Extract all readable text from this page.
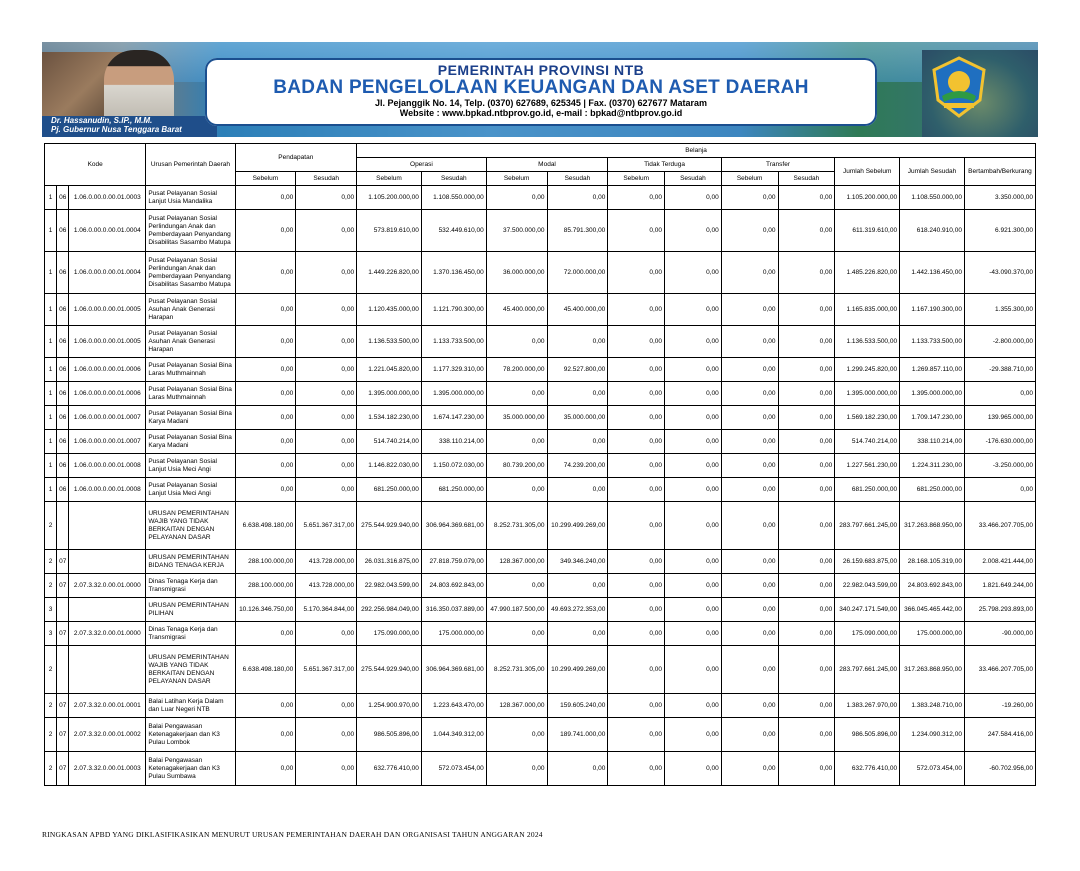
Dr. Hassanudin, S.IP., M.M.
Pj. Gubernur Nusa Tenggara Barat
PEMERINTAH PROVINSI NTB
BADAN PENGELOLAAN KEUANGAN DAN ASET DAERAH
Jl. Pejanggik No. 14, Telp. (0370) 627689, 625345 | Fax. (0370) 627677 Mataram
Website : www.bpkad.ntbprov.go.id, e-mail : bpkad@ntbprov.go.id
Kode			Urusan Pemerintah Daerah	Pendapatan		Belanja										
						Operasi		Modal		Tidak Terduga		Transfer		Jumlah Sebelum	Jumlah Sesudah	Bertambah/Berkurang
				Sebelum	Sesudah	Sebelum	Sesudah	Sebelum	Sesudah	Sebelum	Sesudah	Sebelum	Sesudah			
1	06	1.06.0.00.0.00.01.0003	Pusat Pelayanan Sosial Lanjut Usia Mandalika	0,00	0,00	1.105.200.000,00	1.108.550.000,00	0,00	0,00	0,00	0,00	0,00	0,00	1.105.200.000,00	1.108.550.000,00	3.350.000,00
1	06	1.06.0.00.0.00.01.0004	Pusat Pelayanan Sosial Perlindungan Anak dan Pemberdayaan Penyandang Disabilitas Sasambo Matupa	0,00	0,00	573.819.610,00	532.449.610,00	37.500.000,00	85.791.300,00	0,00	0,00	0,00	0,00	611.319.610,00	618.240.910,00	6.921.300,00
1	06	1.06.0.00.0.00.01.0004	Pusat Pelayanan Sosial Perlindungan Anak dan Pemberdayaan Penyandang Disabilitas Sasambo Matupa	0,00	0,00	1.449.226.820,00	1.370.136.450,00	36.000.000,00	72.000.000,00	0,00	0,00	0,00	0,00	1.485.226.820,00	1.442.136.450,00	-43.090.370,00
1	06	1.06.0.00.0.00.01.0005	Pusat Pelayanan Sosial Asuhan Anak Generasi Harapan	0,00	0,00	1.120.435.000,00	1.121.790.300,00	45.400.000,00	45.400.000,00	0,00	0,00	0,00	0,00	1.165.835.000,00	1.167.190.300,00	1.355.300,00
1	06	1.06.0.00.0.00.01.0005	Pusat Pelayanan Sosial Asuhan Anak Generasi Harapan	0,00	0,00	1.136.533.500,00	1.133.733.500,00	0,00	0,00	0,00	0,00	0,00	0,00	1.136.533.500,00	1.133.733.500,00	-2.800.000,00
1	06	1.06.0.00.0.00.01.0006	Pusat Pelayanan Sosial Bina Laras Muthmainnah	0,00	0,00	1.221.045.820,00	1.177.329.310,00	78.200.000,00	92.527.800,00	0,00	0,00	0,00	0,00	1.299.245.820,00	1.269.857.110,00	-29.388.710,00
1	06	1.06.0.00.0.00.01.0006	Pusat Pelayanan Sosial Bina Laras Muthmainnah	0,00	0,00	1.395.000.000,00	1.395.000.000,00	0,00	0,00	0,00	0,00	0,00	0,00	1.395.000.000,00	1.395.000.000,00	0,00
1	06	1.06.0.00.0.00.01.0007	Pusat Pelayanan Sosial Bina Karya Madani	0,00	0,00	1.534.182.230,00	1.674.147.230,00	35.000.000,00	35.000.000,00	0,00	0,00	0,00	0,00	1.569.182.230,00	1.709.147.230,00	139.965.000,00
1	06	1.06.0.00.0.00.01.0007	Pusat Pelayanan Sosial Bina Karya Madani	0,00	0,00	514.740.214,00	338.110.214,00	0,00	0,00	0,00	0,00	0,00	0,00	514.740.214,00	338.110.214,00	-176.630.000,00
1	06	1.06.0.00.0.00.01.0008	Pusat Pelayanan Sosial Lanjut Usia Meci Angi	0,00	0,00	1.146.822.030,00	1.150.072.030,00	80.739.200,00	74.239.200,00	0,00	0,00	0,00	0,00	1.227.561.230,00	1.224.311.230,00	-3.250.000,00
1	06	1.06.0.00.0.00.01.0008	Pusat Pelayanan Sosial Lanjut Usia Meci Angi	0,00	0,00	681.250.000,00	681.250.000,00	0,00	0,00	0,00	0,00	0,00	0,00	681.250.000,00	681.250.000,00	0,00
2			URUSAN PEMERINTAHAN WAJIB YANG TIDAK BERKAITAN DENGAN PELAYANAN DASAR	6.638.498.180,00	5.651.367.317,00	275.544.929.940,00	306.964.369.681,00	8.252.731.305,00	10.299.499.269,00	0,00	0,00	0,00	0,00	283.797.661.245,00	317.263.868.950,00	33.466.207.705,00
2	07		URUSAN PEMERINTAHAN BIDANG TENAGA KERJA	288.100.000,00	413.728.000,00	26.031.316.875,00	27.818.759.079,00	128.367.000,00	349.346.240,00	0,00	0,00	0,00	0,00	26.159.683.875,00	28.168.105.319,00	2.008.421.444,00
2	07	2.07.3.32.0.00.01.0000	Dinas Tenaga Kerja dan Transmigrasi	288.100.000,00	413.728.000,00	22.982.043.599,00	24.803.692.843,00	0,00	0,00	0,00	0,00	0,00	0,00	22.982.043.599,00	24.803.692.843,00	1.821.649.244,00
3			URUSAN PEMERINTAHAN PILIHAN	10.126.346.750,00	5.170.364.844,00	292.256.984.049,00	316.350.037.889,00	47.990.187.500,00	49.693.272.353,00	0,00	0,00	0,00	0,00	340.247.171.549,00	366.045.465.442,00	25.798.293.893,00
3	07	2.07.3.32.0.00.01.0000	Dinas Tenaga Kerja dan Transmigrasi	0,00	0,00	175.090.000,00	175.000.000,00	0,00	0,00	0,00	0,00	0,00	0,00	175.090.000,00	175.000.000,00	-90.000,00
2			URUSAN PEMERINTAHAN WAJIB YANG TIDAK BERKAITAN DENGAN PELAYANAN DASAR	6.638.498.180,00	5.651.367.317,00	275.544.929.940,00	306.964.369.681,00	8.252.731.305,00	10.299.499.269,00	0,00	0,00	0,00	0,00	283.797.661.245,00	317.263.868.950,00	33.466.207.705,00
2	07	2.07.3.32.0.00.01.0001	Balai Latihan Kerja Dalam dan Luar Negeri NTB	0,00	0,00	1.254.900.970,00	1.223.643.470,00	128.367.000,00	159.605.240,00	0,00	0,00	0,00	0,00	1.383.267.970,00	1.383.248.710,00	-19.260,00
2	07	2.07.3.32.0.00.01.0002	Balai Pengawasan Ketenagakerjaan dan K3 Pulau Lombok	0,00	0,00	986.505.896,00	1.044.349.312,00	0,00	189.741.000,00	0,00	0,00	0,00	0,00	986.505.896,00	1.234.090.312,00	247.584.416,00
2	07	2.07.3.32.0.00.01.0003	Balai Pengawasan Ketenagakerjaan dan K3 Pulau Sumbawa	0,00	0,00	632.776.410,00	572.073.454,00	0,00	0,00	0,00	0,00	0,00	0,00	632.776.410,00	572.073.454,00	-60.702.956,00
RINGKASAN APBD YANG DIKLASIFIKASIKAN MENURUT URUSAN PEMERINTAHAN DAERAH DAN ORGANISASI TAHUN ANGGARAN 2024
